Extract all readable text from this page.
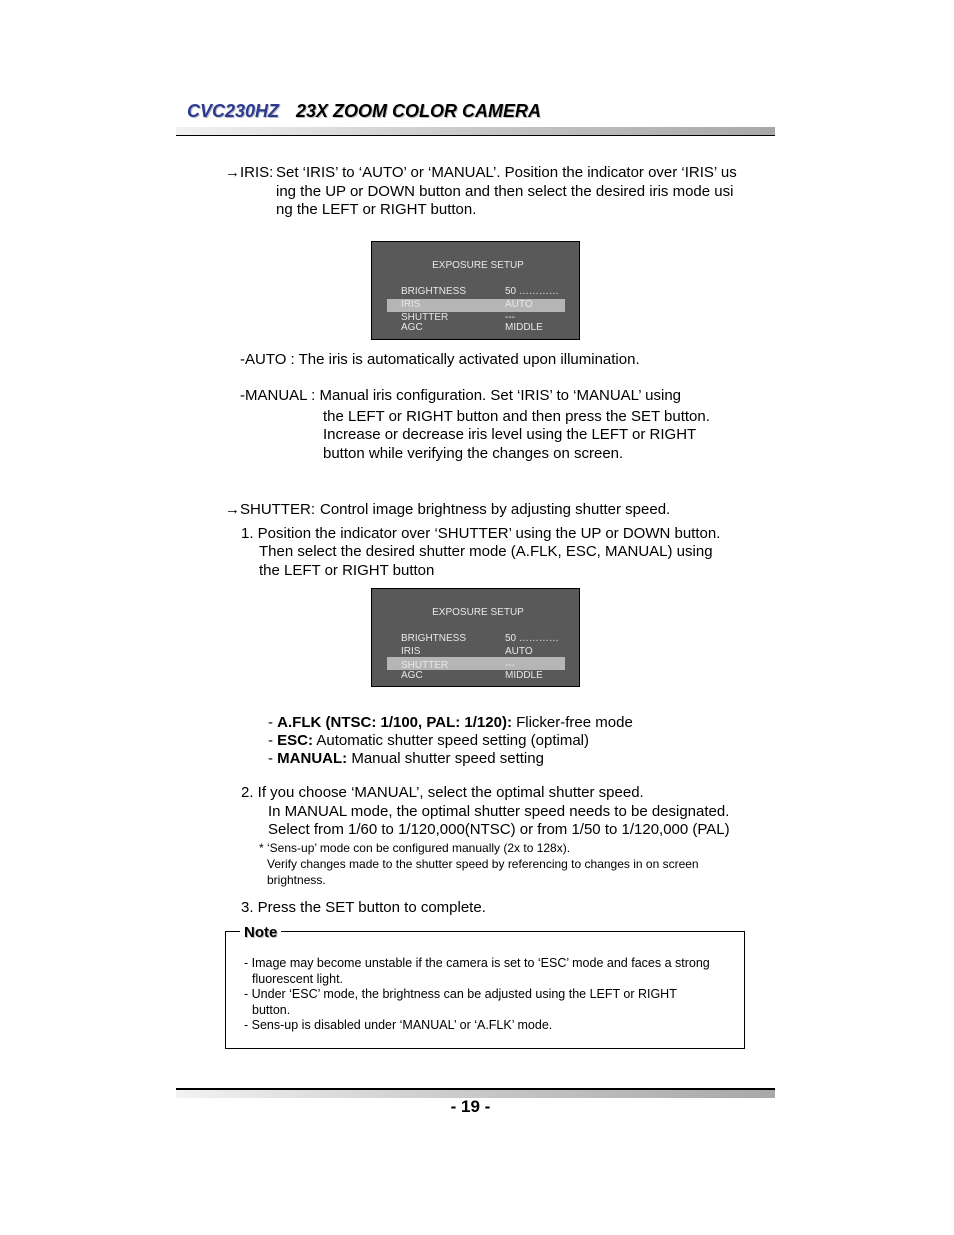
CVC230HZ 23X ZOOM COLOR CAMERA
→IRIS: Set ‘IRIS’ to ‘AUTO’ or ‘MANUAL’. Position the indicator over ‘IRIS’ us
ing the UP or DOWN button and then select the desired iris mode usi
ng the LEFT or RIGHT button.
EXPOSURE SETUP
BRIGHTNESS	50 …………
IRIS	AUTO
SHUTTER	---
AGC	MIDDLE
-AUTO : The iris is automatically activated upon illumination.
-MANUAL : Manual iris configuration. Set ‘IRIS’ to ‘MANUAL’ using
the LEFT or RIGHT button and then press the SET button.
Increase or decrease iris level using the LEFT or RIGHT
button while verifying the changes on screen.
→SHUTTER: Control image brightness by adjusting shutter speed.
1. Position the indicator over ‘SHUTTER’ using the UP or DOWN button.
Then select the desired shutter mode (A.FLK, ESC, MANUAL) using
the LEFT or RIGHT button
EXPOSURE SETUP
BRIGHTNESS	50 …………
IRIS	AUTO
SHUTTER	---
AGC	MIDDLE
- A.FLK (NTSC: 1/100, PAL: 1/120): Flicker-free mode
- ESC: Automatic shutter speed setting (optimal)
- MANUAL: Manual shutter speed setting
2. If you choose ‘MANUAL’, select the optimal shutter speed.
In MANUAL mode, the optimal shutter speed needs to be designated.
Select from 1/60 to 1/120,000(NTSC) or from 1/50 to 1/120,000 (PAL)
* ‘Sens-up’ mode con be configured manually (2x to 128x).
Verify changes made to the shutter speed by referencing to changes in on screen
brightness.
3. Press the SET button to complete.
Note
- Image may become unstable if the camera is set to ‘ESC’ mode and faces a strong
fluorescent light.
- Under ‘ESC’ mode, the brightness can be adjusted using the LEFT or RIGHT
button.
- Sens-up is disabled under ‘MANUAL’ or ‘A.FLK’ mode.
- 19 -
